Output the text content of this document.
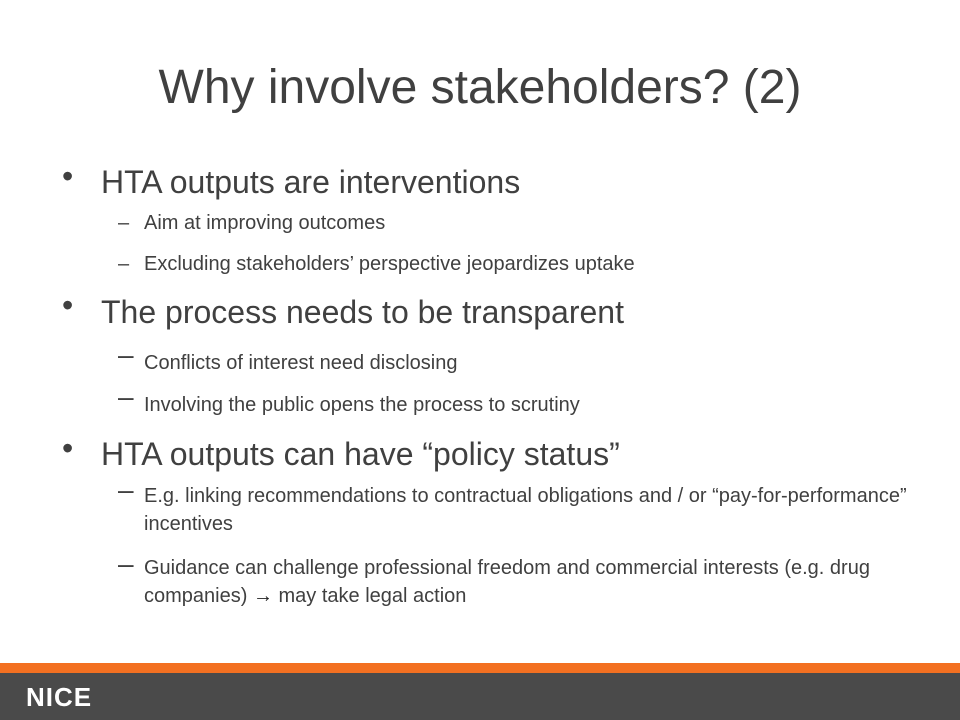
Why involve stakeholders? (2)
• HTA outputs are interventions
– Aim at improving outcomes
– Excluding stakeholders’ perspective jeopardizes uptake
• The process needs to be transparent
– Conflicts of interest need disclosing
– Involving the public opens the process to scrutiny
• HTA outputs can have “policy status”
– E.g. linking recommendations to contractual obligations and / or “pay-for-performance” incentives
– Guidance can challenge professional freedom and commercial interests (e.g. drug companies) → may take legal action
NICE
